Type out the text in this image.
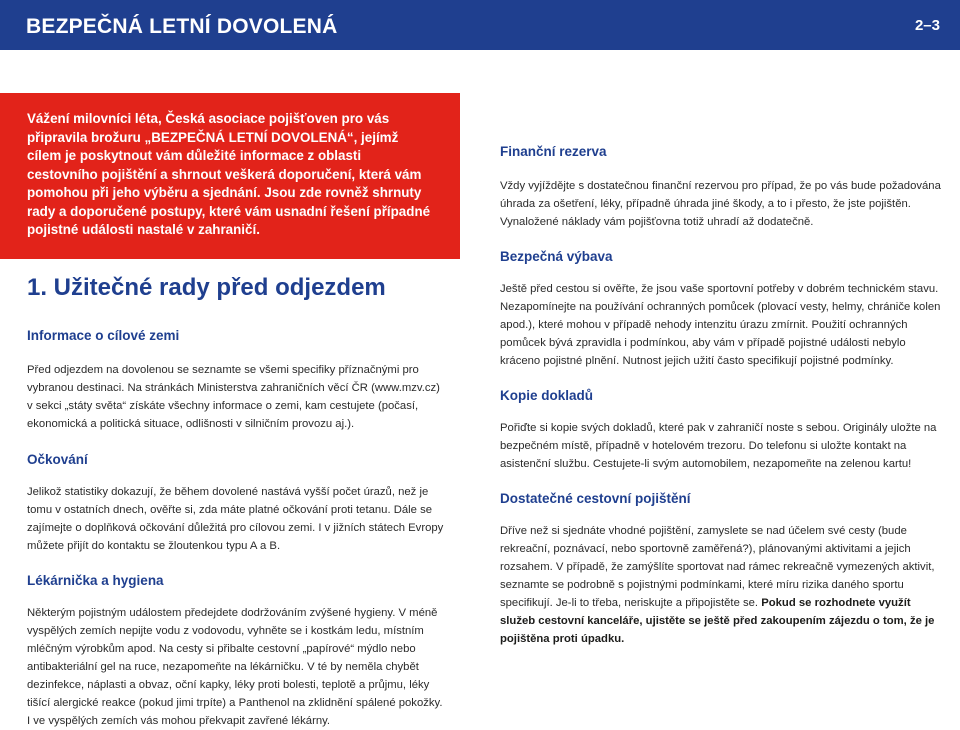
BEZPEČNÁ LETNÍ DOVOLENÁ	2–3

Vážení milovníci léta, Česká asociace pojišťoven pro vás připravila brožuru „BEZPEČNÁ LETNÍ DOVOLENÁ“, jejímž cílem je poskytnout vám důležité informace z oblasti cestovního pojištění a shrnout veškerá doporučení, která vám pomohou při jeho výběru a sjednání. Jsou zde rovněž shrnuty rady a doporučené postupy, které vám usnadní řešení případné pojistné události nastalé v zahraničí.

1. Užitečné rady před odjezdem
Informace o cílové zemi

Před odjezdem na dovolenou se seznamte se všemi specifiky příznačnými pro vybranou destinaci. Na stránkách Ministerstva zahraničních věcí ČR (www.mzv.cz) v sekci „státy světa“ získáte všechny informace o zemi, kam cestujete (počasí, ekonomická a politická situace, odlišnosti v silničním provozu aj.).

Očkování

Jelikož statistiky dokazují, že během dovolené nastává vyšší počet úrazů, než je tomu v ostatních dnech, ověřte si, zda máte platné očkování proti tetanu. Dále se zajímejte o doplňková očkování důležitá pro cílovou zemi. I v jižních státech Evropy můžete přijít do kontaktu se žloutenkou typu A a B.

Lékárnička a hygiena

Některým pojistným událostem předejdete dodržováním zvýšené hygieny. V méně vyspělých zemích nepijte vodu z vodovodu, vyhněte se i kostkám ledu, místním mléčným výrobkům apod. Na cesty si přibalte cestovní „papírové“ mýdlo nebo antibakteriální gel na ruce, nezapomeňte na lékárničku. V té by neměla chybět dezinfekce, náplasti a obvaz, oční kapky, léky proti bolesti, teplotě a průjmu, léky tišící alergické reakce (pokud jimi trpíte) a Panthenol na zklidnění spálené pokožky. I ve vyspělých zemích vás mohou překvapit zavřené lékárny.

Finanční rezerva

Vždy vyjíždějte s dostatečnou finanční rezervou pro případ, že po vás bude požadována úhrada za ošetření, léky, případně úhrada jiné škody, a to i přesto, že jste pojištěn. Vynaložené náklady vám pojišťovna totiž uhradí až dodatečně.

Bezpečná výbava

Ještě před cestou si ověřte, že jsou vaše sportovní potřeby v dobrém technickém stavu. Nezapomínejte na používání ochranných pomůcek (plovací vesty, helmy, chrániče kolen apod.), které mohou v případě nehody intenzitu úrazu zmírnit. Použití ochranných pomůcek bývá zpravidla i podmínkou, aby vám v případě pojistné události nebylo kráceno pojistné plnění. Nutnost jejich užití často specifikují pojistné podmínky.

Kopie dokladů

Pořiďte si kopie svých dokladů, které pak v zahraničí noste s sebou. Originály uložte na bezpečném místě, případně v hotelovém trezoru. Do telefonu si uložte kontakt na asistenční službu. Cestujete-li svým automobilem, nezapomeňte na zelenou kartu!

Dostatečné cestovní pojištění

Dříve než si sjednáte vhodné pojištění, zamyslete se nad účelem své cesty (bude rekreační, poznávací, nebo sportovně zaměřená?), plánovanými aktivitami a jejich rozsahem. V případě, že zamýšlíte sportovat nad rámec rekreačně vymezených aktivit, seznamte se podrobně s pojistnými podmínkami, které míru rizika daného sportu specifikují. Je-li to třeba, neriskujte a připojistěte se. Pokud se rozhodnete využít služeb cestovní kanceláře, ujistěte se ještě před zakoupením zájezdu o tom, že je pojištěna proti úpadku.
